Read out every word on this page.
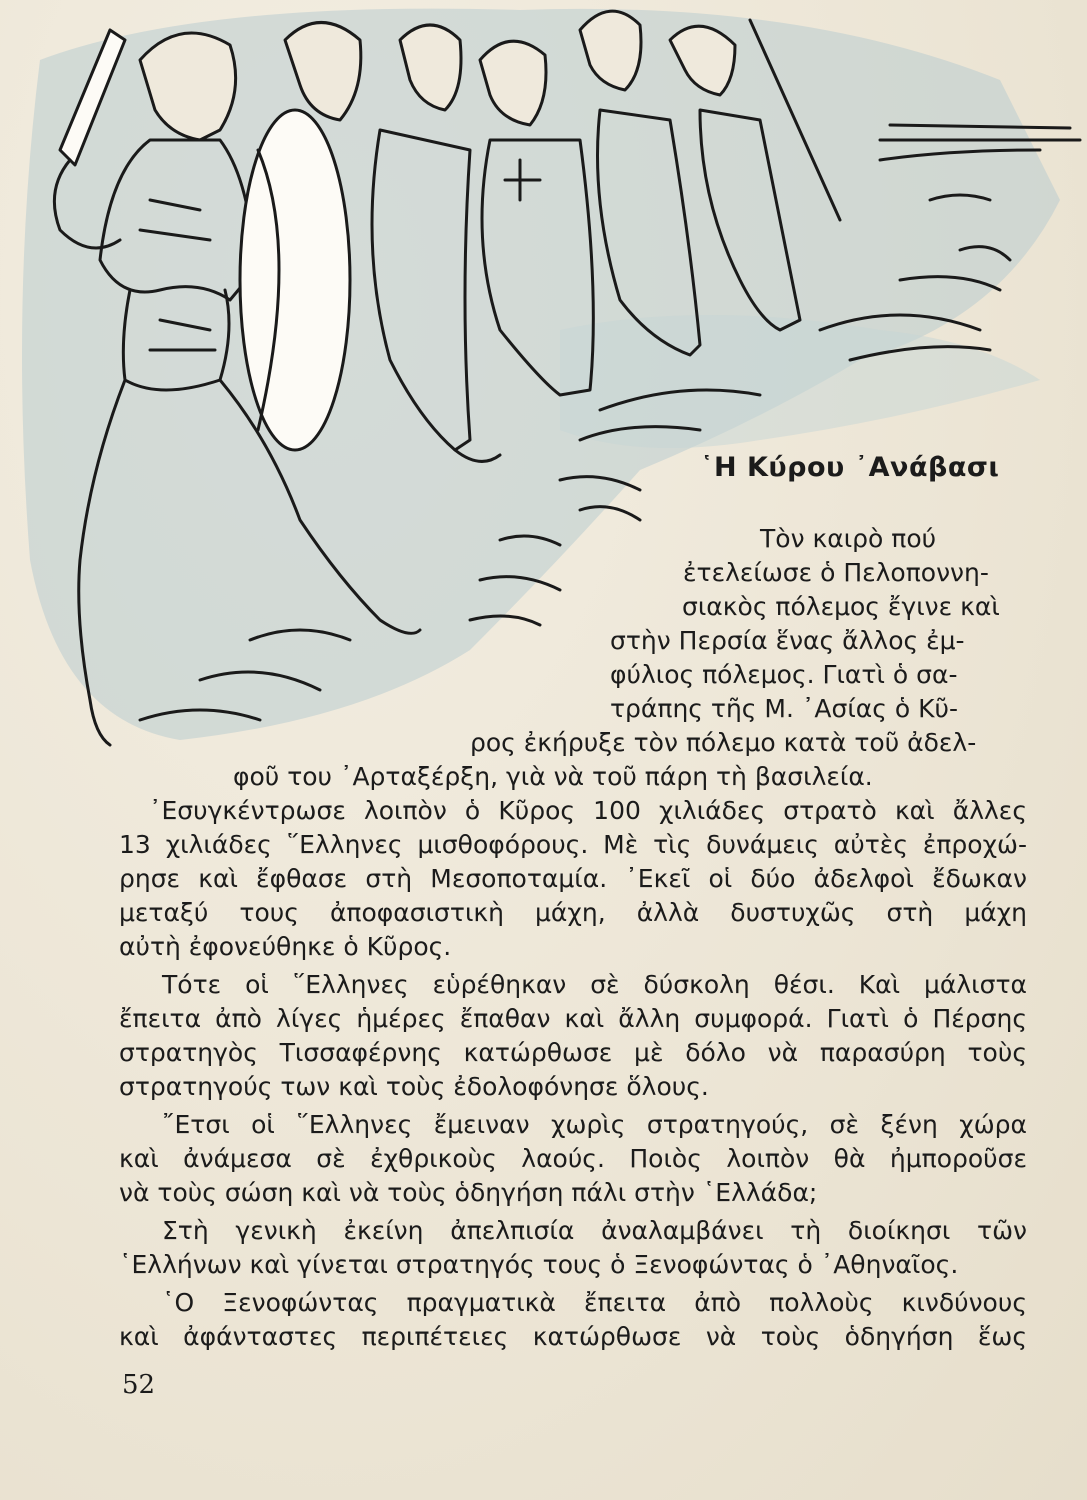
῾Η Κύρου ᾿Ανάβασι
Τὸν καιρὸ πού
ἐτελείωσε ὁ Πελοποννη-
σιακὸς πόλεμος ἔγινε καὶ
στὴν Περσία ἕνας ἄλλος ἐμ-
φύλιος πόλεμος. Γιατὶ ὁ σα-
τράπης τῆς Μ. ᾿Ασίας ὁ Κῦ-
ρος ἐκήρυξε τὸν πόλεμο κατὰ τοῦ ἀδελ-
φοῦ του ᾿Αρταξέρξη, γιὰ νὰ τοῦ πάρη τὴ βασιλεία.
᾿Εσυγκέντρωσε λοιπὸν ὁ Κῦρος 100 χιλιάδες στρατὸ καὶ ἄλλες
13 χιλιάδες ῞Ελληνες μισθοφόρους. Μὲ τὶς δυνάμεις αὐτὲς ἐπροχώ-
ρησε καὶ ἔφθασε στὴ Μεσοποταμία. ᾿Εκεῖ οἱ δύο ἀδελφοὶ ἔδωκαν
μεταξύ τους ἀποφασιστικὴ μάχη, ἀλλὰ δυστυχῶς στὴ μάχη
αὐτὴ ἐφονεύθηκε ὁ Κῦρος.
Τότε οἱ ῞Ελληνες εὑρέθηκαν σὲ δύσκολη θέσι. Καὶ μάλιστα
ἔπειτα ἀπὸ λίγες ἡμέρες ἔπαθαν καὶ ἄλλη συμφορά. Γιατὶ ὁ Πέρσης
στρατηγὸς Τισσαφέρνης κατώρθωσε μὲ δόλο νὰ παρασύρη τοὺς
στρατηγούς των καὶ τοὺς ἐδολοφόνησε ὅλους.
῎Ετσι οἱ ῞Ελληνες ἔμειναν χωρὶς στρατηγούς, σὲ ξένη χώρα
καὶ ἀνάμεσα σὲ ἐχθρικοὺς λαούς. Ποιὸς λοιπὸν θὰ ἠμποροῦσε
νὰ τοὺς σώση καὶ νὰ τοὺς ὁδηγήση πάλι στὴν ῾Ελλάδα;
Στὴ γενικὴ ἐκείνη ἀπελπισία ἀναλαμβάνει τὴ διοίκησι τῶν
῾Ελλήνων καὶ γίνεται στρατηγός τους ὁ Ξενοφώντας ὁ ᾿Αθηναῖος.
῾Ο Ξενοφώντας πραγματικὰ ἔπειτα ἀπὸ πολλοὺς κινδύνους
καὶ ἀφάνταστες περιπέτειες κατώρθωσε νὰ τοὺς ὁδηγήση ἕως
52
